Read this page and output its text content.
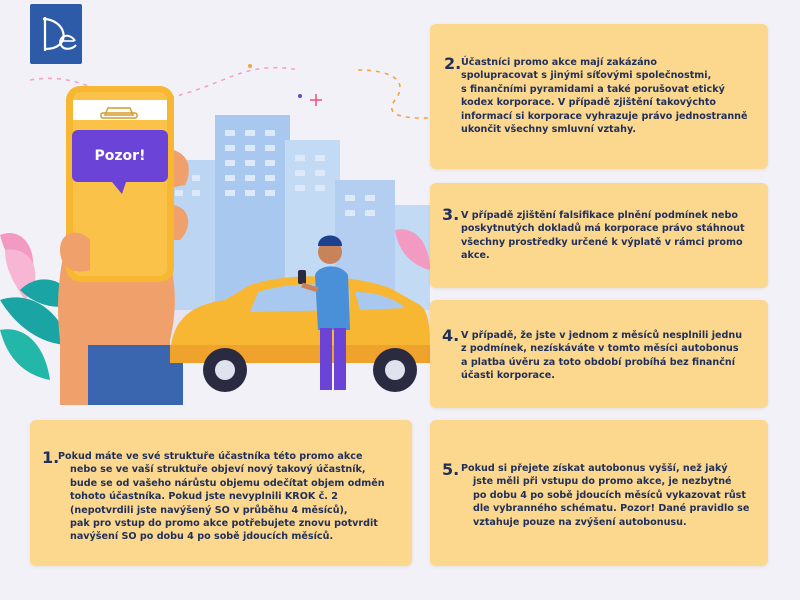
Pozor!
2. Účastníci promo akce mají zakázáno
spolupracovat s jinými síťovými společnostmi,
s finančními pyramidami a také porušovat etický
kodex korporace. V případě zjištění takovýchto
informací si korporace vyhrazuje právo jednostranně
ukončit všechny smluvní vztahy.
3. V případě zjištění falsifikace plnění podmínek nebo
poskytnutých dokladů má korporace právo stáhnout
všechny prostředky určené k výplatě v rámci promo
akce.
4. V případě, že jste v jednom z měsíců nesplnili jednu
z podmínek, nezískáváte v tomto měsíci autobonus
a platba úvěru za toto období probíhá bez finanční
účasti korporace.
1.
Pokud máte ve své struktuře účastníka této promo akce
nebo se ve vaší struktuře objeví nový takový účastník,
bude se od vašeho nárůstu objemu odečítat objem odměn
tohoto účastníka. Pokud jste nevyplnili KROK č. 2
(nepotvrdili jste navýšený SO v průběhu 4 měsíců),
pak pro vstup do promo akce potřebujete znovu potvrdit
navýšení SO po dobu 4 po sobě jdoucích měsíců.
5. Pokud si přejete získat autobonus vyšší, než jaký
jste měli při vstupu do promo akce, je nezbytné
po dobu 4 po sobě jdoucích měsíců vykazovat růst
dle vybranného schématu. Pozor! Dané pravidlo se
vztahuje pouze na zvýšení autobonusu.
